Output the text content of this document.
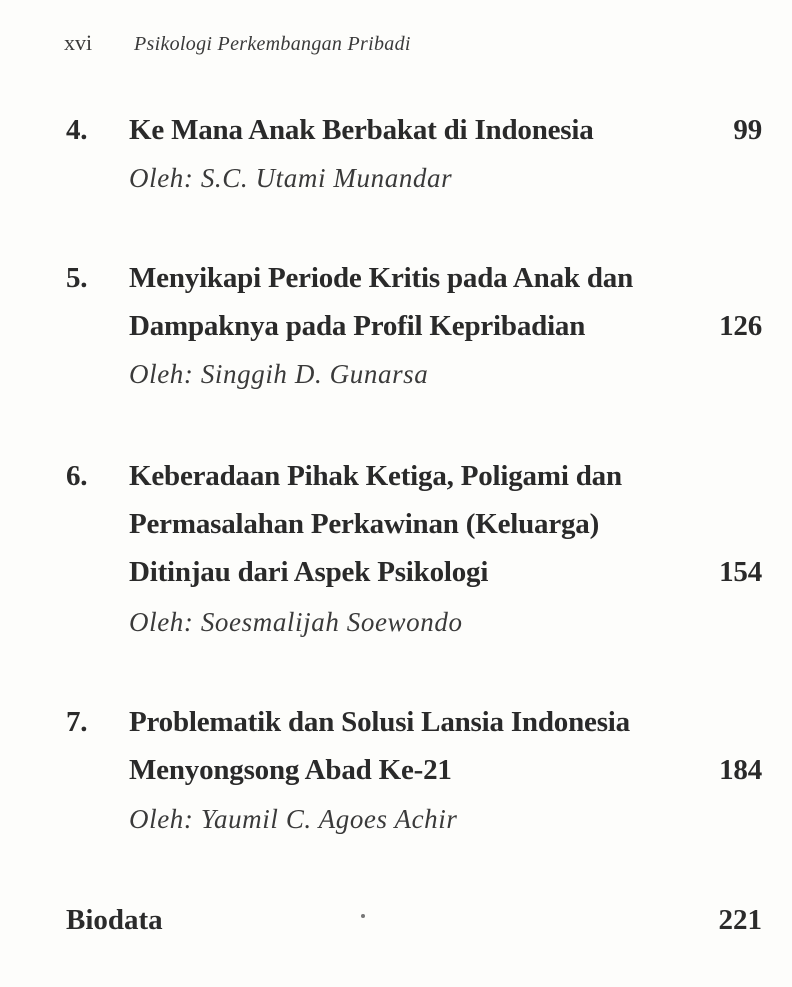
xvi Psikologi Perkembangan Pribadi
4. Ke Mana Anak Berbakat di Indonesia	99
Oleh: S.C. Utami Munandar
5. Menyikapi Periode Kritis pada Anak dan
Dampaknya pada Profil Kepribadian	126
Oleh: Singgih D. Gunarsa
6. Keberadaan Pihak Ketiga, Poligami dan
Permasalahan Perkawinan (Keluarga)
Ditinjau dari Aspek Psikologi	154
Oleh: Soesmalijah Soewondo
7. Problematik dan Solusi Lansia Indonesia
Menyongsong Abad Ke-21	184
Oleh: Yaumil C. Agoes Achir
Biodata	221
